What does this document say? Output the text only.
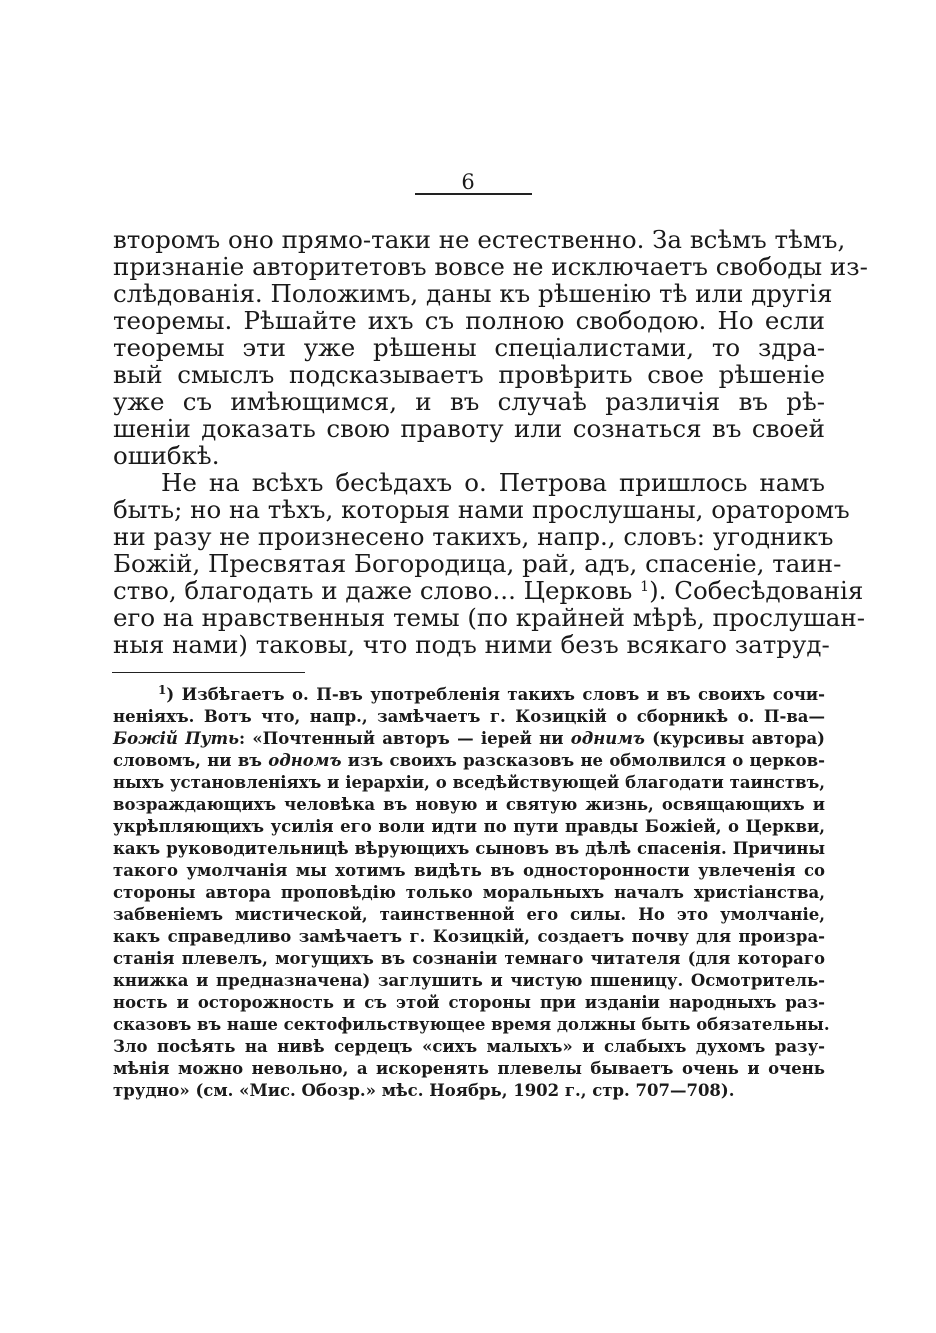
6
второмъ оно прямо-таки не естественно. За всѣмъ тѣмъ,
признаніе авторитетовъ вовсе не исключаетъ свободы из-
слѣдованія. Положимъ, даны къ рѣшенію тѣ или другія
теоремы. Рѣшайте ихъ съ полною свободою. Но если
теоремы эти уже рѣшены спеціалистами, то здра-
вый смыслъ подсказываетъ провѣрить свое рѣшеніе
уже съ имѣющимся, и въ случаѣ различія въ рѣ-
шеніи доказать свою правоту или сознаться въ своей
ошибкѣ.
Не на всѣхъ бесѣдахъ о. Петрова пришлось намъ
быть; но на тѣхъ, которыя нами прослушаны, ораторомъ
ни разу не произнесено такихъ, напр., словъ: угодникъ
Божій, Пресвятая Богородица, рай, адъ, спасеніе, таин-
ство, благодать и даже слово... Церковь $^1$). Собесѣдованія
его на нравственныя темы (по крайней мѣрѣ, прослушан-
ныя нами) таковы, что подъ ними безъ всякаго затруд-
$^1$) Избѣгаетъ о. П-въ употребленія такихъ словъ и въ своихъ сочи-
неніяхъ. Вотъ что, напр., замѣчаетъ г. Козицкій о сборникѣ о. П-ва—
Божій Путь: «Почтенный авторъ — іерей ни однимъ (курсивы автора)
словомъ, ни въ одномъ изъ своихъ разсказовъ не обмолвился о церков-
ныхъ установленіяхъ и іерархіи, о вседѣйствующей благодати таинствъ,
возраждающихъ человѣка въ новую и святую жизнь, освящающихъ и
укрѣпляющихъ усилія его воли идти по пути правды Божіей, о Церкви,
какъ руководительницѣ вѣрующихъ сыновъ въ дѣлѣ спасенія. Причины
такого умолчанія мы хотимъ видѣть въ односторонности увлеченія со
стороны автора проповѣдію только моральныхъ началъ христіанства,
забвеніемъ мистической, таинственной его силы. Но это умолчаніе,
какъ справедливо замѣчаетъ г. Козицкій, создаетъ почву для произра-
станія плевелъ, могущихъ въ сознаніи темнаго читателя (для котораго
книжка и предназначена) заглушить и чистую пшеницу. Осмотритель-
ность и осторожность и съ этой стороны при изданіи народныхъ раз-
сказовъ въ наше сектофильствующее время должны быть обязательны.
Зло посѣять на нивѣ сердецъ «сихъ малыхъ» и слабыхъ духомъ разу-
мѣнія можно невольно, а искоренять плевелы бываетъ очень и очень
трудно» (см. «Мис. Обозр.» мѣс. Ноябрь, 1902 г., стр. 707—708).
